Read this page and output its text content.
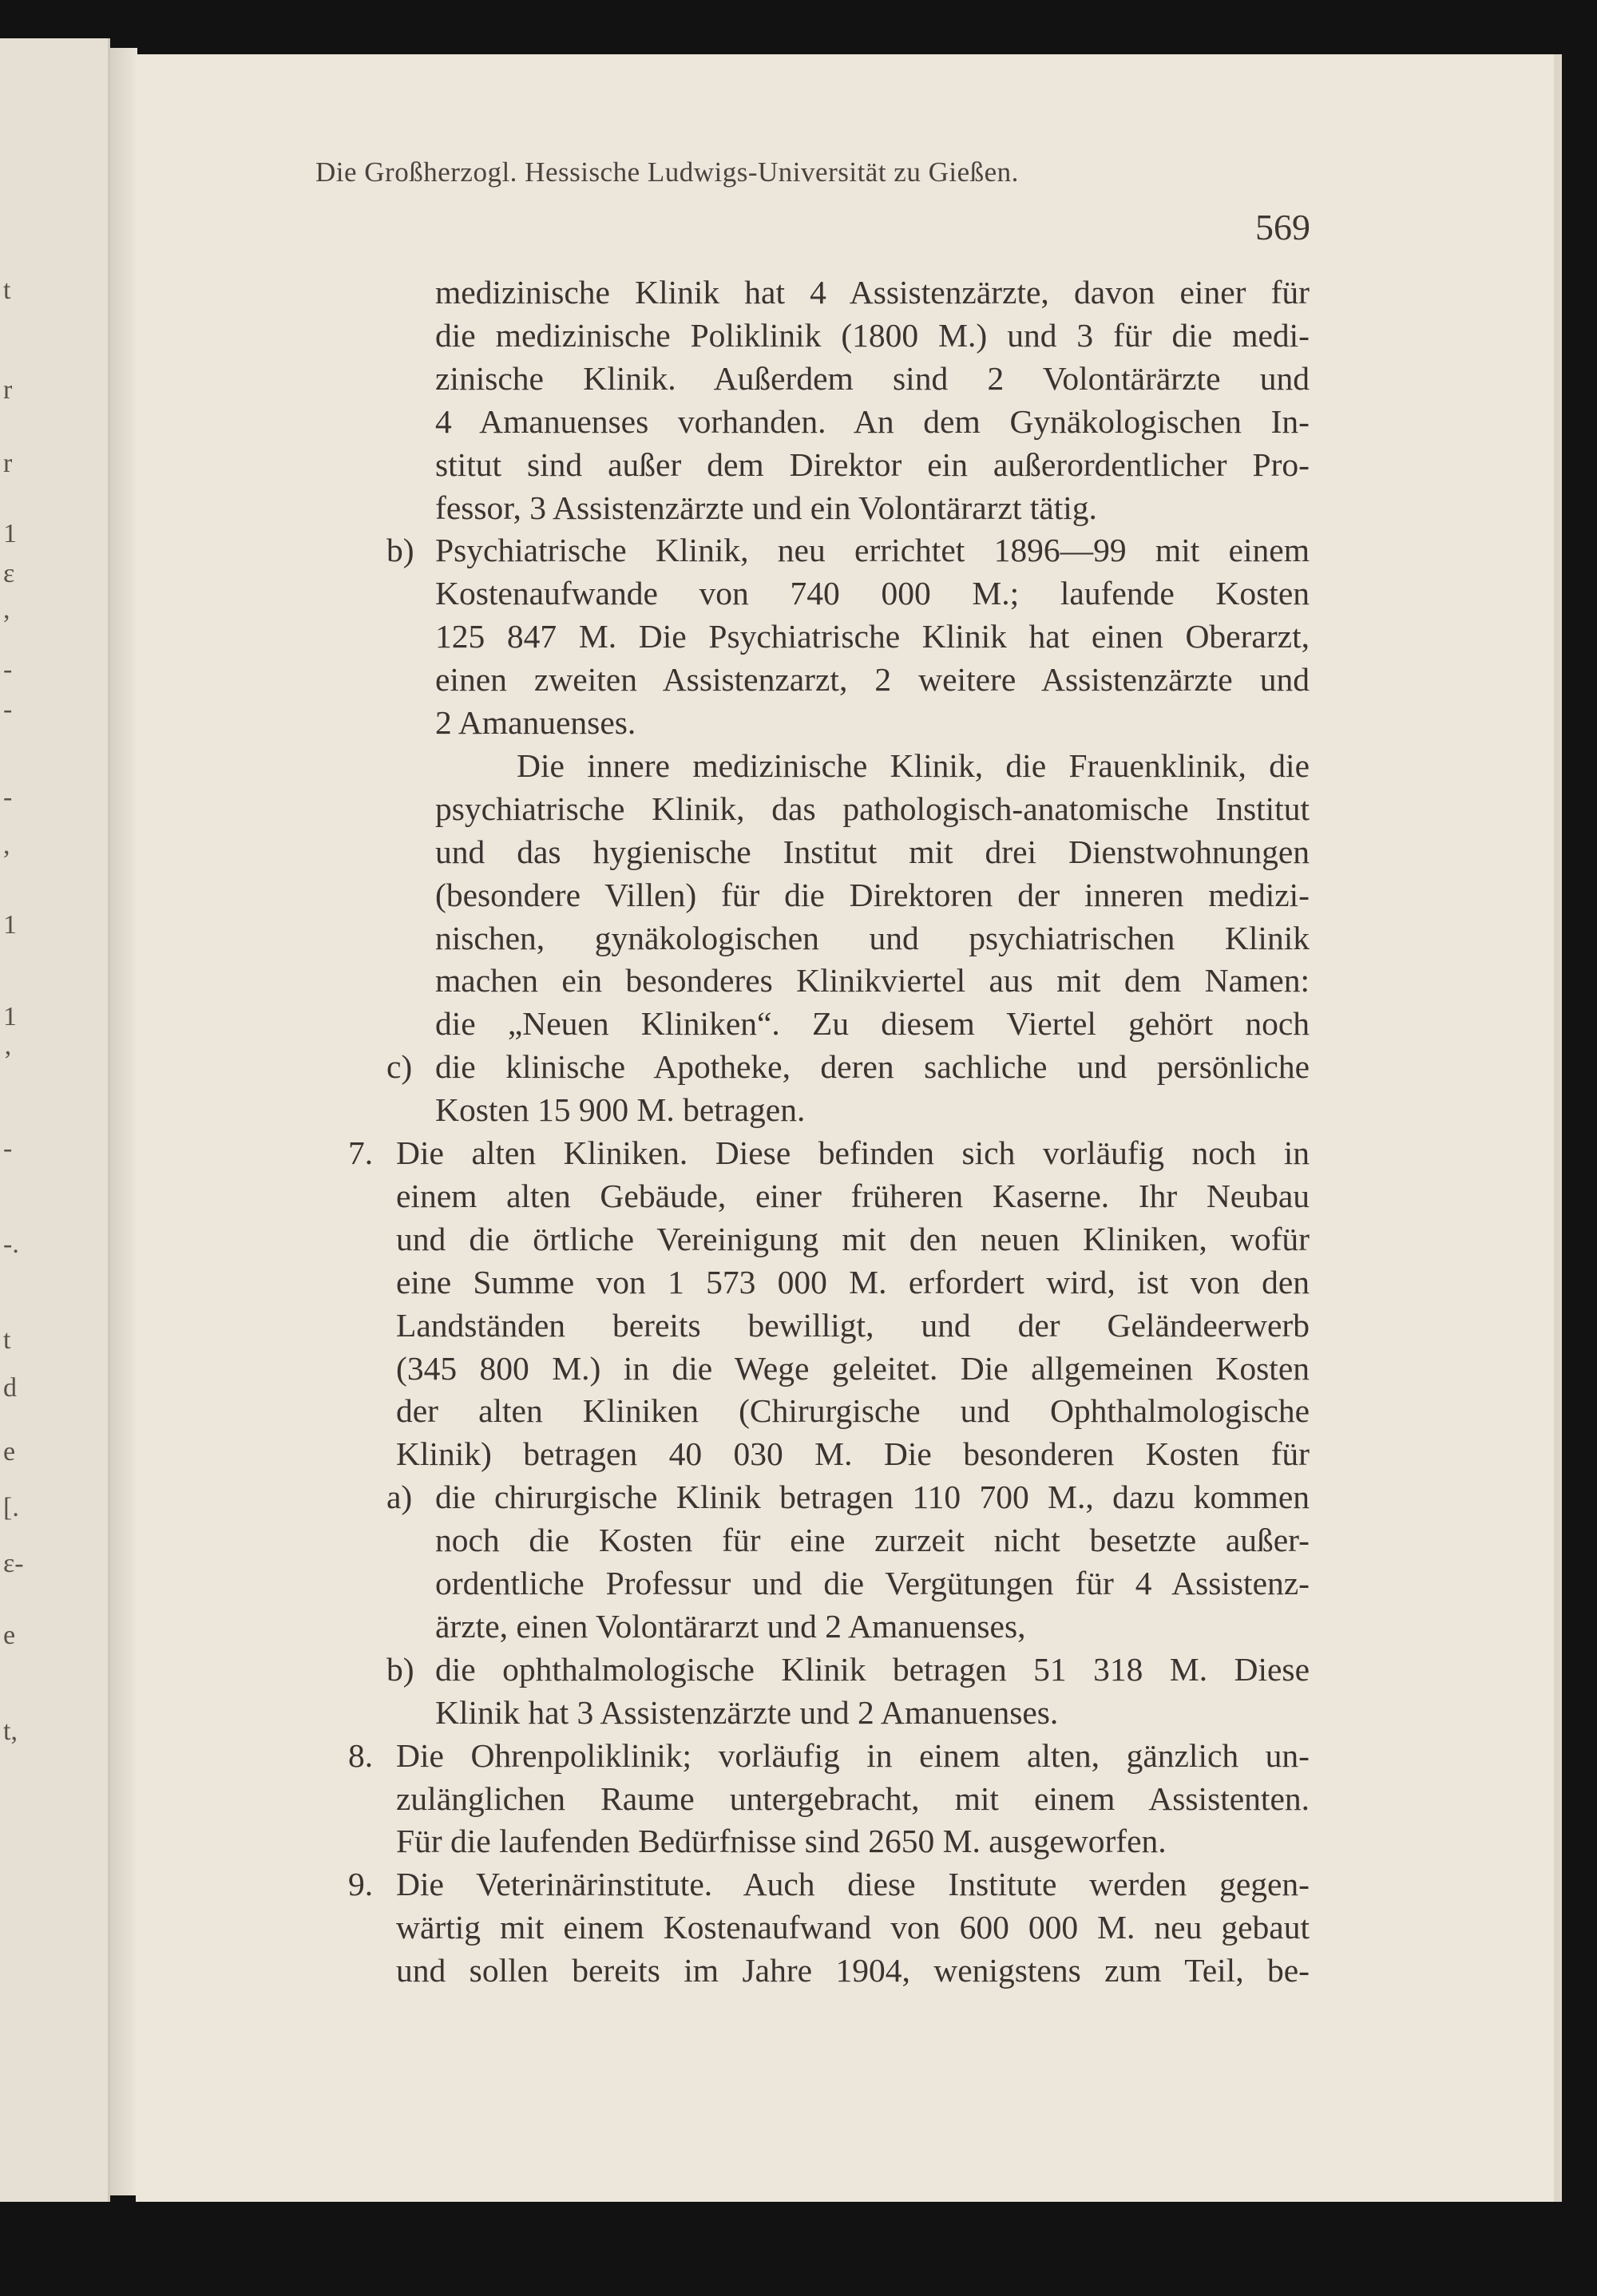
t
r
r
1
ɛ
,
-
-
-
,
1
1
’
-
-.
t
d
e
[.
ɛ-
e
t,
Die Großherzogl. Hessische Ludwigs-Universität zu Gießen.
569
medizinische Klinik hat 4 Assistenzärzte, davon einer für
die medizinische Poliklinik (1800 M.) und 3 für die medi-
zinische Klinik. Außerdem sind 2 Volontärärzte und
4 Amanuenses vorhanden. An dem Gynäkologischen In-
stitut sind außer dem Direktor ein außerordentlicher Pro-
fessor, 3 Assistenzärzte und ein Volontärarzt tätig.
Psychiatrische Klinik, neu errichtet 1896—99 mit einem
b)
Kostenaufwande von 740 000 M.; laufende Kosten
125 847 M. Die Psychiatrische Klinik hat einen Oberarzt,
einen zweiten Assistenzarzt, 2 weitere Assistenzärzte und
2 Amanuenses.
Die innere medizinische Klinik, die Frauenklinik, die
psychiatrische Klinik, das pathologisch-anatomische Institut
und das hygienische Institut mit drei Dienstwohnungen
(besondere Villen) für die Direktoren der inneren medizi-
nischen, gynäkologischen und psychiatrischen Klinik
machen ein besonderes Klinikviertel aus mit dem Namen:
die „Neuen Kliniken“. Zu diesem Viertel gehört noch
die klinische Apotheke, deren sachliche und persönliche
c)
Kosten 15 900 M. betragen.
Die alten Kliniken. Diese befinden sich vorläufig noch in
7.
einem alten Gebäude, einer früheren Kaserne. Ihr Neubau
und die örtliche Vereinigung mit den neuen Kliniken, wofür
eine Summe von 1 573 000 M. erfordert wird, ist von den
Landständen bereits bewilligt, und der Geländeerwerb
(345 800 M.) in die Wege geleitet. Die allgemeinen Kosten
der alten Kliniken (Chirurgische und Ophthalmologische
Klinik) betragen 40 030 M. Die besonderen Kosten für
die chirurgische Klinik betragen 110 700 M., dazu kommen
a)
noch die Kosten für eine zurzeit nicht besetzte außer-
ordentliche Professur und die Vergütungen für 4 Assistenz-
ärzte, einen Volontärarzt und 2 Amanuenses,
die ophthalmologische Klinik betragen 51 318 M. Diese
b)
Klinik hat 3 Assistenzärzte und 2 Amanuenses.
Die Ohrenpoliklinik; vorläufig in einem alten, gänzlich un-
8.
zulänglichen Raume untergebracht, mit einem Assistenten.
Für die laufenden Bedürfnisse sind 2650 M. ausgeworfen.
Die Veterinärinstitute. Auch diese Institute werden gegen-
9.
wärtig mit einem Kostenaufwand von 600 000 M. neu gebaut
und sollen bereits im Jahre 1904, wenigstens zum Teil, be-
